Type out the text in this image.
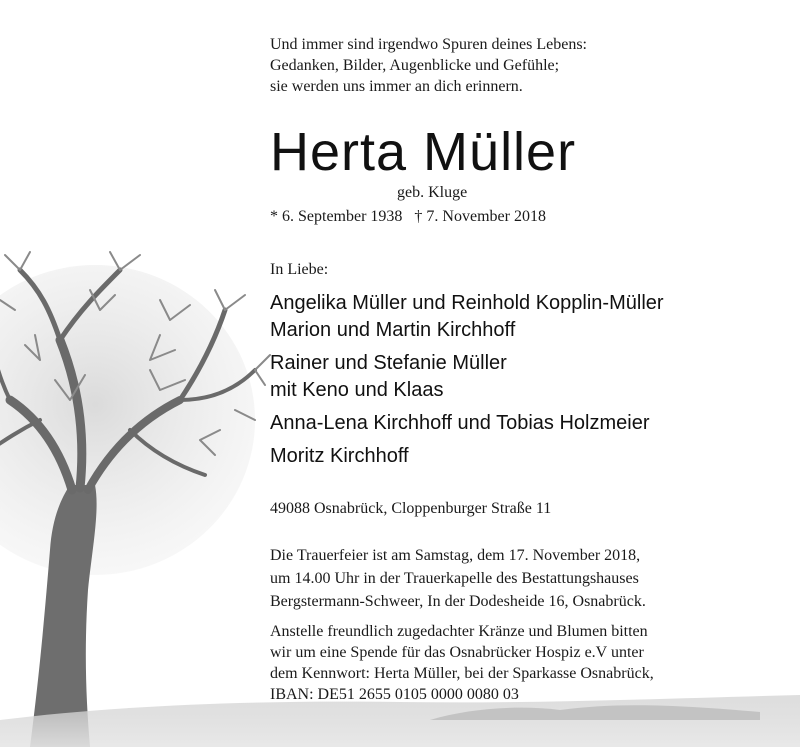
Und immer sind irgendwo Spuren deines Lebens:
Gedanken, Bilder, Augenblicke und Gefühle;
sie werden uns immer an dich erinnern.
Herta Müller
geb. Kluge
* 6. September 1938 † 7. November 2018
In Liebe:
Angelika Müller und Reinhold Kopplin-Müller
Marion und Martin Kirchhoff
Rainer und Stefanie Müller
mit Keno und Klaas
Anna-Lena Kirchhoff und Tobias Holzmeier
Moritz Kirchhoff
49088 Osnabrück, Cloppenburger Straße 11
Die Trauerfeier ist am Samstag, dem 17. November 2018,
um 14.00 Uhr in der Trauerkapelle des Bestattungshauses
Bergstermann-Schweer, In der Dodesheide 16, Osnabrück.
Anstelle freundlich zugedachter Kränze und Blumen bitten
wir um eine Spende für das Osnabrücker Hospiz e.V unter
dem Kennwort: Herta Müller, bei der Sparkasse Osnabrück,
IBAN: DE51 2655 0105 0000 0080 03
